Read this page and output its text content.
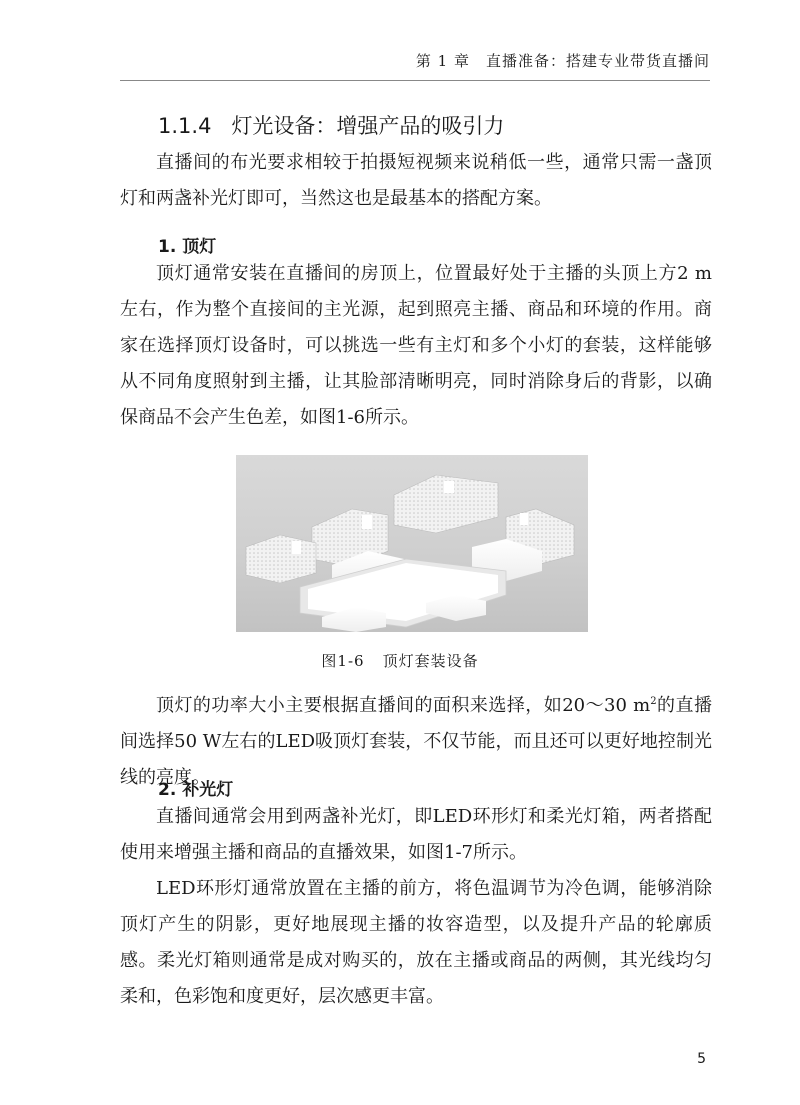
第 1 章　直播准备：搭建专业带货直播间
1.1.4 灯光设备：增强产品的吸引力

直播间的布光要求相较于拍摄短视频来说稍低一些，通常只需一盏顶灯和两盏补光灯即可，当然这也是最基本的搭配方案。

1. 顶灯

顶灯通常安装在直播间的房顶上，位置最好处于主播的头顶上方2 m左右，作为整个直接间的主光源，起到照亮主播、商品和环境的作用。商家在选择顶灯设备时，可以挑选一些有主灯和多个小灯的套装，这样能够从不同角度照射到主播，让其脸部清晰明亮，同时消除身后的背影，以确保商品不会产生色差，如图1-6所示。

图1-6 顶灯套装设备

顶灯的功率大小主要根据直播间的面积来选择，如20～30 $m^2$的直播间选择50 W左右的LED吸顶灯套装，不仅节能，而且还可以更好地控制光线的亮度。

2. 补光灯

直播间通常会用到两盏补光灯，即LED环形灯和柔光灯箱，两者搭配使用来增强主播和商品的直播效果，如图1-7所示。

LED环形灯通常放置在主播的前方，将色温调节为冷色调，能够消除顶灯产生的阴影，更好地展现主播的妆容造型，以及提升产品的轮廓质感。柔光灯箱则通常是成对购买的，放在主播或商品的两侧，其光线均匀柔和，色彩饱和度更好，层次感更丰富。

5
